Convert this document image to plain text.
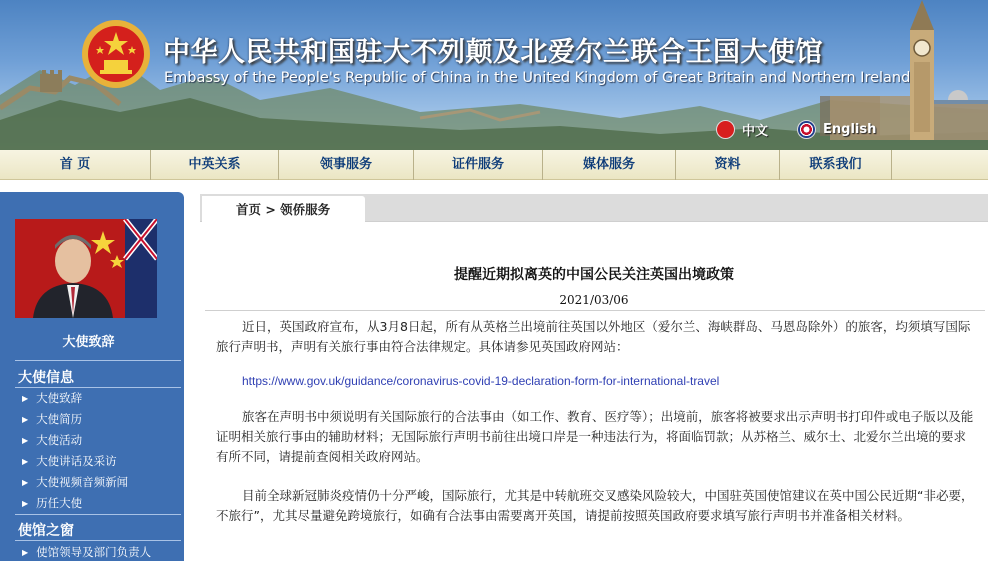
中华人民共和国驻大不列颠及北爱尔兰联合王国大使馆
Embassy of the People's Republic of China in the United Kingdom of Great Britain and Northern Ireland
中文	English
首 页	中英关系	领事服务	证件服务	媒体服务	资料	联系我们
大使致辞
大使信息
▶ 大使致辞
▶ 大使简历
▶ 大使活动
▶ 大使讲话及采访
▶ 大使视频音频新闻
▶ 历任大使
使馆之窗
▶ 使馆领导及部门负责人
首页 > 领侨服务
提醒近期拟离英的中国公民关注英国出境政策
2021/03/06

近日，英国政府宣布，从3月8日起，所有从英格兰出境前往英国以外地区（爱尔兰、海峡群岛、马恩岛除外）的旅客，均须填写国际旅行声明书，声明有关旅行事由符合法律规定。具体请参见英国政府网站：

https://www.gov.uk/guidance/coronavirus-covid-19-declaration-form-for-international-travel

旅客在声明书中须说明有关国际旅行的合法事由（如工作、教育、医疗等）；出境前，旅客将被要求出示声明书打印件或电子版以及能证明相关旅行事由的辅助材料；无国际旅行声明书前往出境口岸是一种违法行为，将面临罚款；从苏格兰、威尔士、北爱尔兰出境的要求有所不同，请提前查阅相关政府网站。

目前全球新冠肺炎疫情仍十分严峻，国际旅行，尤其是中转航班交叉感染风险较大，中国驻英国使馆建议在英中国公民近期“非必要，不旅行”，尤其尽量避免跨境旅行，如确有合法事由需要离开英国，请提前按照英国政府要求填写旅行声明书并准备相关材料。
